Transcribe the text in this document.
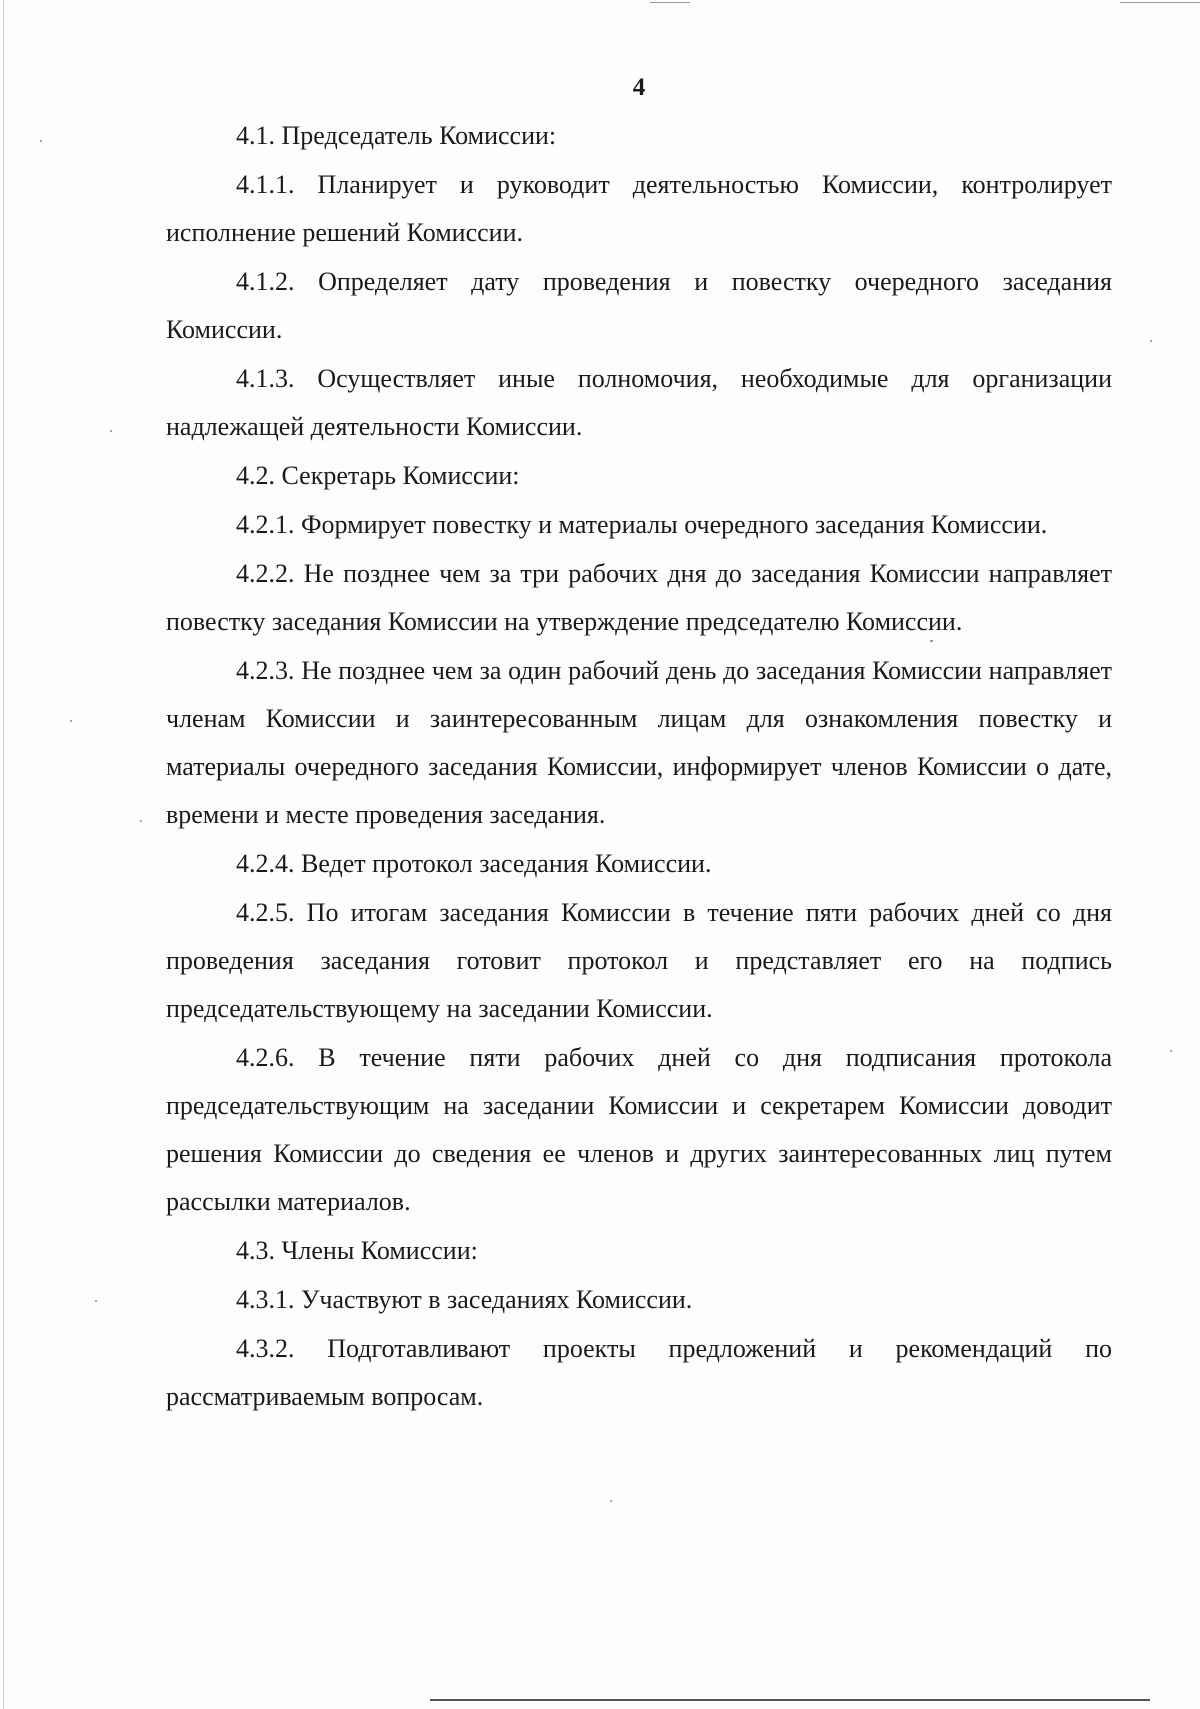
4

4.1. Председатель Комиссии:

4.1.1. Планирует и руководит деятельностью Комиссии, контролирует исполнение решений Комиссии.

4.1.2. Определяет дату проведения и повестку очередного заседания Комиссии.

4.1.3. Осуществляет иные полномочия, необходимые для организации надлежащей деятельности Комиссии.

4.2. Секретарь Комиссии:

4.2.1. Формирует повестку и материалы очередного заседания Комиссии.

4.2.2. Не позднее чем за три рабочих дня до заседания Комиссии направляет повестку заседания Комиссии на утверждение председателю Комиссии.

4.2.3. Не позднее чем за один рабочий день до заседания Комиссии направляет членам Комиссии и заинтересованным лицам для ознакомления повестку и материалы очередного заседания Комиссии, информирует членов Комиссии о дате, времени и месте проведения заседания.

4.2.4. Ведет протокол заседания Комиссии.

4.2.5. По итогам заседания Комиссии в течение пяти рабочих дней со дня проведения заседания готовит протокол и представляет его на подпись председательствующему на заседании Комиссии.

4.2.6. В течение пяти рабочих дней со дня подписания протокола председательствующим на заседании Комиссии и секретарем Комиссии доводит решения Комиссии до сведения ее членов и других заинтересованных лиц путем рассылки материалов.

4.3. Члены Комиссии:

4.3.1. Участвуют в заседаниях Комиссии.

4.3.2. Подготавливают проекты предложений и рекомендаций по рассматриваемым вопросам.
